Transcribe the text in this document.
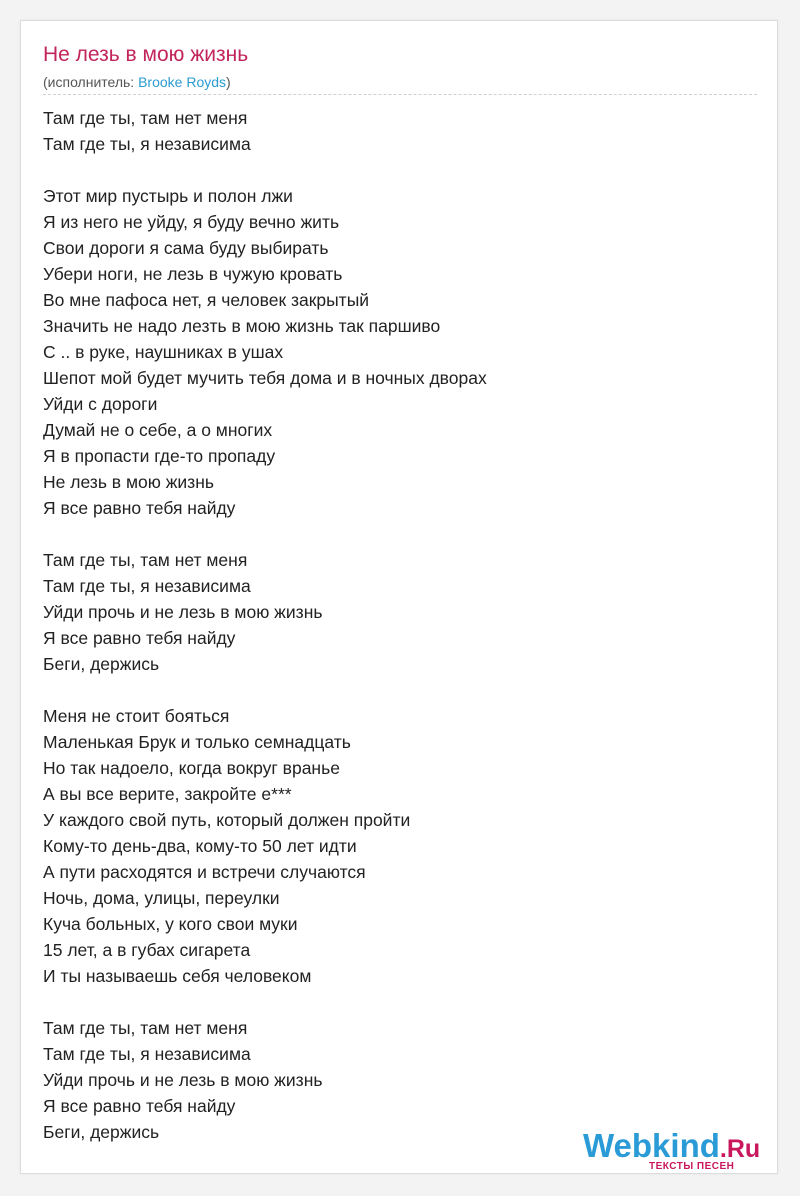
Не лезь в мою жизнь
(исполнитель: Brooke Royds)
Там где ты, там нет меня
Там где ты, я независима
Этот мир пустырь и полон лжи
Я из него не уйду, я буду вечно жить
Свои дороги я сама буду выбирать
Убери ноги, не лезь в чужую кровать
Во мне пафоса нет, я человек закрытый
Значить не надо лезть в мою жизнь так паршиво
С .. в руке, наушниках в ушах
Шепот мой будет мучить тебя дома и в ночных дворах
Уйди с дороги
Думай не о себе, а о многих
Я в пропасти где-то пропаду
Не лезь в мою жизнь
Я все равно тебя найду
Там где ты, там нет меня
Там где ты, я независима
Уйди прочь и не лезь в мою жизнь
Я все равно тебя найду
Беги, держись
Меня не стоит бояться
Маленькая Брук и только семнадцать
Но так надоело, когда вокруг вранье
А вы все верите, закройте е***
У каждого свой путь, который должен пройти
Кому-то день-два, кому-то 50 лет идти
А пути расходятся и встречи случаются
Ночь, дома, улицы, переулки
Куча больных, у кого свои муки
15 лет, а в губах сигарета
И ты называешь себя человеком
Там где ты, там нет меня
Там где ты, я независима
Уйди прочь и не лезь в мою жизнь
Я все равно тебя найду
Беги, держись	Webkind.Ru
ТЕКСТЫ ПЕСЕН
